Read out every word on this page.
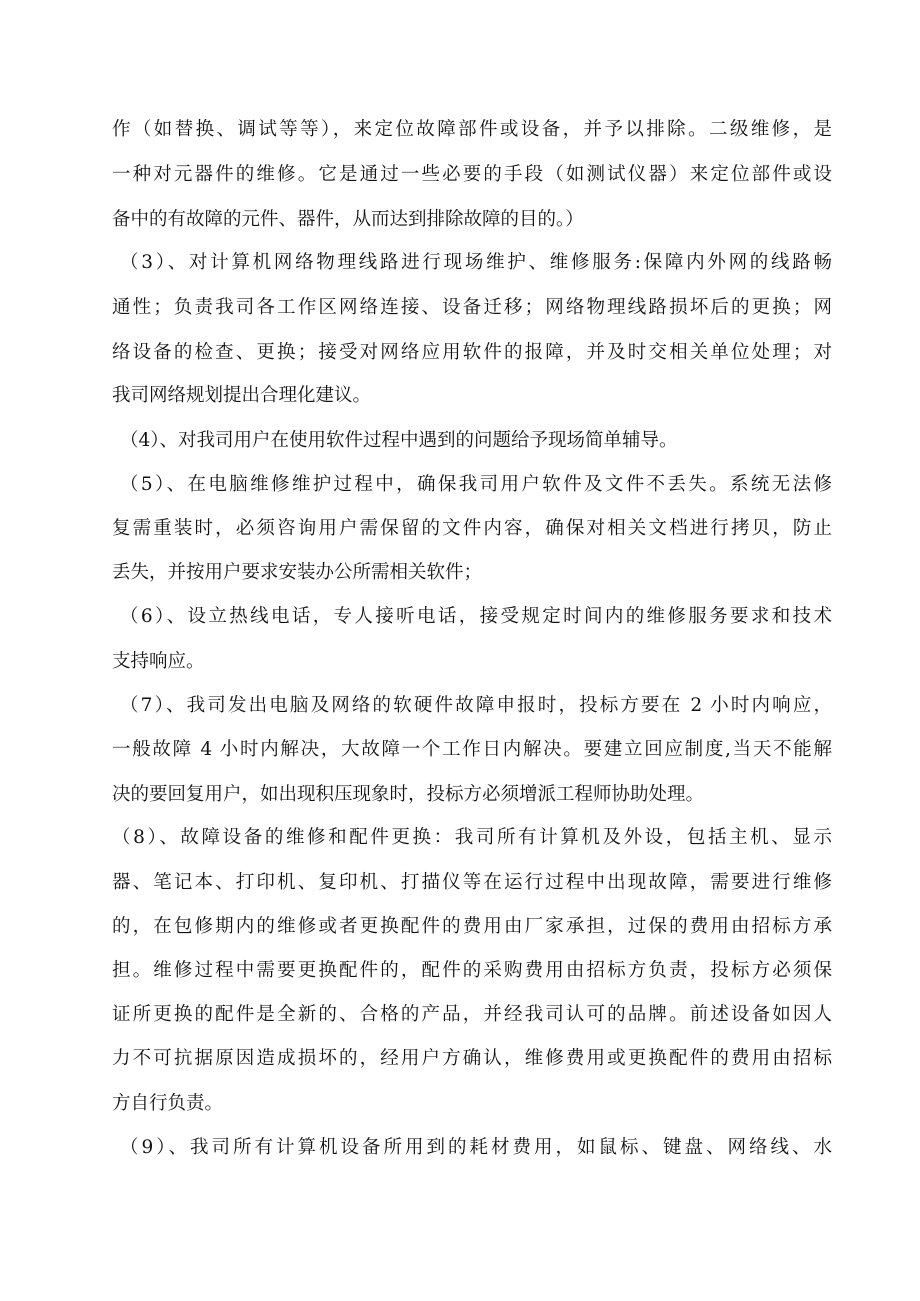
作（如替换、调试等等），来定位故障部件或设备，并予以排除。二级维修，是
一种对元器件的维修。它是通过一些必要的手段（如测试仪器）来定位部件或设
备中的有故障的元件、器件，从而达到排除故障的目的。）
（3）、对计算机网络物理线路进行现场维护、维修服务:保障内外网的线路畅
通性；负责我司各工作区网络连接、设备迁移；网络物理线路损坏后的更换；网
络设备的检查、更换；接受对网络应用软件的报障，并及时交相关单位处理；对
我司网络规划提出合理化建议。
（4）、对我司用户在使用软件过程中遇到的问题给予现场简单辅导。
（5）、在电脑维修维护过程中，确保我司用户软件及文件不丢失。系统无法修
复需重装时，必须咨询用户需保留的文件内容，确保对相关文档进行拷贝，防止
丢失，并按用户要求安装办公所需相关软件；
（6）、设立热线电话，专人接听电话，接受规定时间内的维修服务要求和技术
支持响应。
（7）、我司发出电脑及网络的软硬件故障申报时，投标方要在 2 小时内响应，
一般故障 4 小时内解决，大故障一个工作日内解决。要建立回应制度,当天不能解
决的要回复用户，如出现积压现象时，投标方必须增派工程师协助处理。
（8）、故障设备的维修和配件更换：我司所有计算机及外设，包括主机、显示
器、笔记本、打印机、复印机、打描仪等在运行过程中出现故障，需要进行维修
的，在包修期内的维修或者更换配件的费用由厂家承担，过保的费用由招标方承
担。维修过程中需要更换配件的，配件的采购费用由招标方负责，投标方必须保
证所更换的配件是全新的、合格的产品，并经我司认可的品牌。前述设备如因人
力不可抗据原因造成损坏的，经用户方确认，维修费用或更换配件的费用由招标
方自行负责。
（9）、我司所有计算机设备所用到的耗材费用，如鼠标、键盘、网络线、水
